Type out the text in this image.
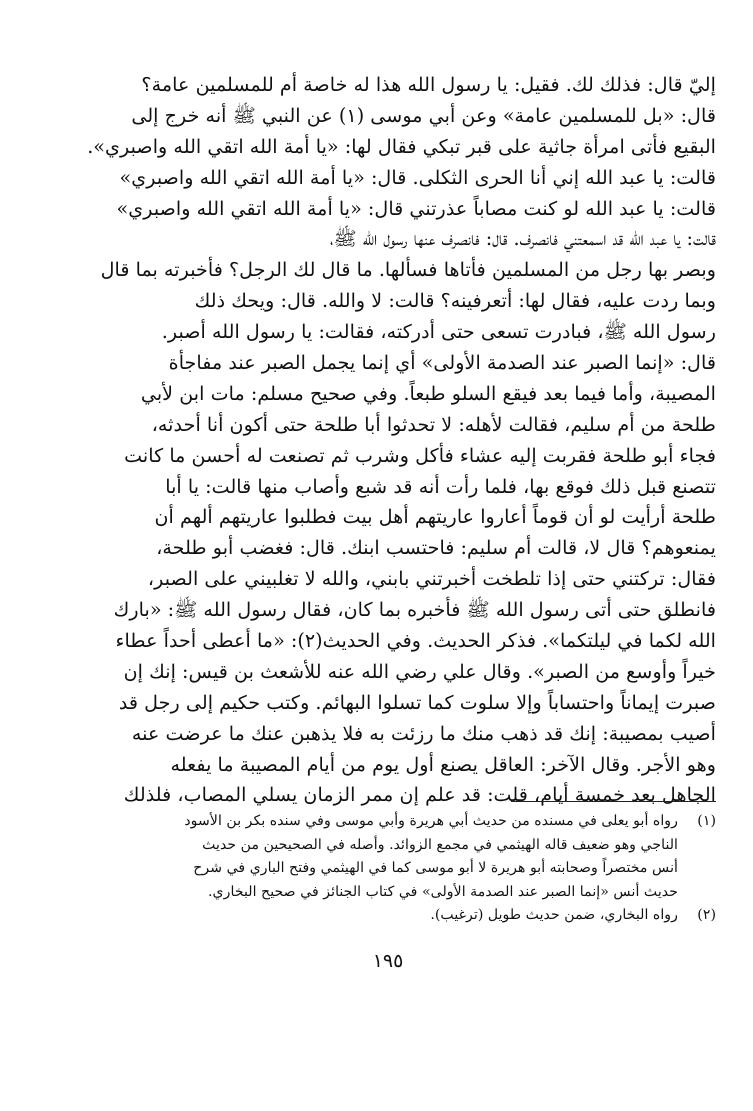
إليّ قال: فذلك لك. فقيل: يا رسول الله هذا له خاصة أم للمسلمين عامة؟
قال: «بل للمسلمين عامة» وعن أبي موسى (١) عن النبي ﷺ أنه خرج إلى
البقيع فأتى امرأة جاثية على قبر تبكي فقال لها: «يا أمة الله اتقي الله واصبري».
قالت: يا عبد الله إني أنا الحرى الثكلى. قال: «يا أمة الله اتقي الله واصبري»
قالت: يا عبد الله لو كنت مصاباً عذرتني قال: «يا أمة الله اتقي الله واصبري»
قالت: يا عبد الله قد اسمعتني فانصرف. قال: فانصرف عنها رسول الله ﷺ،
وبصر بها رجل من المسلمين فأتاها فسألها. ما قال لك الرجل؟ فأخبرته بما قال
وبما ردت عليه، فقال لها: أتعرفينه؟ قالت: لا والله. قال: ويحك ذلك
رسول الله ﷺ، فبادرت تسعى حتى أدركته، فقالت: يا رسول الله أصبر.
قال: «إنما الصبر عند الصدمة الأولى» أي إنما يجمل الصبر عند مفاجأة
المصيبة، وأما فيما بعد فيقع السلو طبعاً. وفي صحيح مسلم: مات ابن لأبي
طلحة من أم سليم، فقالت لأهله: لا تحدثوا أبا طلحة حتى أكون أنا أحدثه،
فجاء أبو طلحة فقربت إليه عشاء فأكل وشرب ثم تصنعت له أحسن ما كانت
تتصنع قبل ذلك فوقع بها، فلما رأت أنه قد شبع وأصاب منها قالت: يا أبا
طلحة أرأيت لو أن قوماً أعاروا عاريتهم أهل بيت فطلبوا عاريتهم ألهم أن
يمنعوهم؟ قال لا، قالت أم سليم: فاحتسب ابنك. قال: فغضب أبو طلحة،
فقال: تركتني حتى إذا تلطخت أخبرتني بابني، والله لا تغلبيني على الصبر،
فانطلق حتى أتى رسول الله ﷺ فأخبره بما كان، فقال رسول الله ﷺ: «بارك
الله لكما في ليلتكما». فذكر الحديث. وفي الحديث(٢): «ما أعطى أحداً عطاء
خيراً وأوسع من الصبر». وقال علي رضي الله عنه للأشعث بن قيس: إنك إن
صبرت إيماناً واحتساباً وإلا سلوت كما تسلوا البهائم. وكتب حكيم إلى رجل قد
أصيب بمصيبة: إنك قد ذهب منك ما رزئت به فلا يذهبن عنك ما عرضت عنه
وهو الأجر. وقال الآخر: العاقل يصنع أول يوم من أيام المصيبة ما يفعله
الجاهل بعد خمسة أيام، قلت: قد علم إن ممر الزمان يسلي المصاب، فلذلك
(١)
رواه أبو يعلى في مسنده من حديث أبي هريرة وأبي موسى وفي سنده بكر بن الأسود
الناجي وهو ضعيف قاله الهيثمي في مجمع الزوائد. وأصله في الصحيحين من حديث
أنس مختصراً وصحابته أبو هريرة لا أبو موسى كما في الهيثمي وفتح الباري في شرح
حديث أنس «إنما الصبر عند الصدمة الأولى» في كتاب الجنائز في صحيح البخاري.
(٢)
رواه البخاري، ضمن حديث طويل (ترغيب).
١٩٥
